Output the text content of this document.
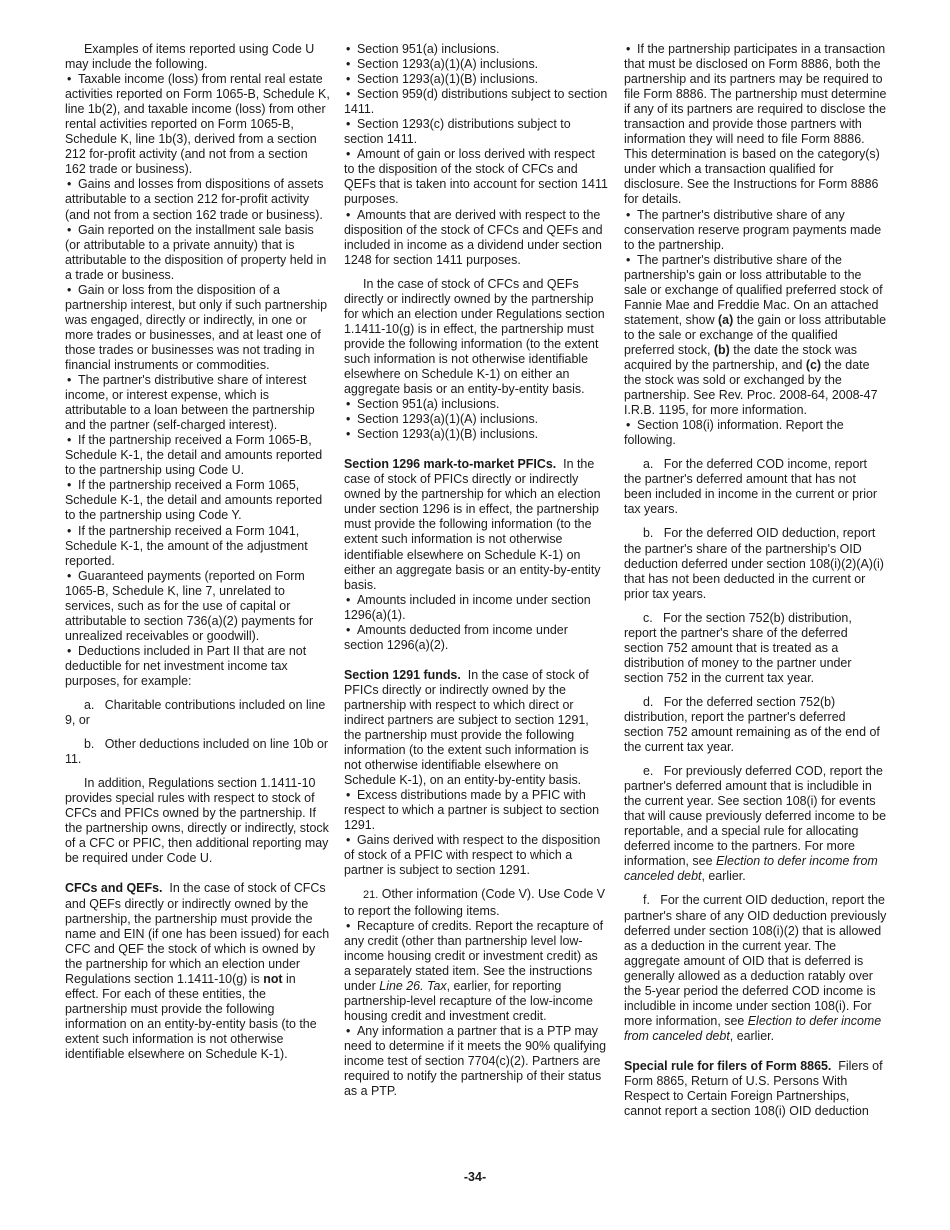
Examples of items reported using Code U may include the following.

• Taxable income (loss) from rental real estate activities reported on Form 1065-B, Schedule K, line 1b(2), and taxable income (loss) from other rental activities reported on Form 1065-B, Schedule K, line 1b(3), derived from a section 212 for-profit activity (and not from a section 162 trade or business).

• Gains and losses from dispositions of assets attributable to a section 212 for-profit activity (and not from a section 162 trade or business).

• Gain reported on the installment sale basis (or attributable to a private annuity) that is attributable to the disposition of property held in a trade or business.

• Gain or loss from the disposition of a partnership interest, but only if such partnership was engaged, directly or indirectly, in one or more trades or businesses, and at least one of those trades or businesses was not trading in financial instruments or commodities.

• The partner's distributive share of interest income, or interest expense, which is attributable to a loan between the partnership and the partner (self-charged interest).

• If the partnership received a Form 1065-B, Schedule K-1, the detail and amounts reported to the partnership using Code U.

• If the partnership received a Form 1065, Schedule K-1, the detail and amounts reported to the partnership using Code Y.

• If the partnership received a Form 1041, Schedule K-1, the amount of the adjustment reported.

• Guaranteed payments (reported on Form 1065-B, Schedule K, line 7, unrelated to services, such as for the use of capital or attributable to section 736(a)(2) payments for unrealized receivables or goodwill).

• Deductions included in Part II that are not deductible for net investment income tax purposes, for example:

a.   Charitable contributions included on line 9, or

b.   Other deductions included on line 10b or 11.

In addition, Regulations section 1.1411-10 provides special rules with respect to stock of CFCs and PFICs owned by the partnership. If the partnership owns, directly or indirectly, stock of a CFC or PFIC, then additional reporting may be required under Code U.

CFCs and QEFs. In the case of stock of CFCs and QEFs directly or indirectly owned by the partnership, the partnership must provide the name and EIN (if one has been issued) for each CFC and QEF the stock of which is owned by the partnership for which an election under Regulations section 1.1411-10(g) is not in effect. For each of these entities, the partnership must provide the following information on an entity-by-entity basis (to the extent such information is not otherwise identifiable elsewhere on Schedule K-1).

• Section 951(a) inclusions.

• Section 1293(a)(1)(A) inclusions.

• Section 1293(a)(1)(B) inclusions.

• Section 959(d) distributions subject to section 1411.

• Section 1293(c) distributions subject to section 1411.

• Amount of gain or loss derived with respect to the disposition of the stock of CFCs and QEFs that is taken into account for section 1411 purposes.

• Amounts that are derived with respect to the disposition of the stock of CFCs and QEFs and included in income as a dividend under section 1248 for section 1411 purposes.

In the case of stock of CFCs and QEFs directly or indirectly owned by the partnership for which an election under Regulations section 1.1411-10(g) is in effect, the partnership must provide the following information (to the extent such information is not otherwise identifiable elsewhere on Schedule K-1) on either an aggregate basis or an entity-by-entity basis.

• Section 951(a) inclusions.

• Section 1293(a)(1)(A) inclusions.

• Section 1293(a)(1)(B) inclusions.

Section 1296 mark-to-market PFICs. In the case of stock of PFICs directly or indirectly owned by the partnership for which an election under section 1296 is in effect, the partnership must provide the following information (to the extent such information is not otherwise identifiable elsewhere on Schedule K-1) on either an aggregate basis or an entity-by-entity basis.

• Amounts included in income under section 1296(a)(1).

• Amounts deducted from income under section 1296(a)(2).

Section 1291 funds. In the case of stock of PFICs directly or indirectly owned by the partnership with respect to which direct or indirect partners are subject to section 1291, the partnership must provide the following information (to the extent such information is not otherwise identifiable elsewhere on Schedule K-1), on an entity-by-entity basis.

• Excess distributions made by a PFIC with respect to which a partner is subject to section 1291.

• Gains derived with respect to the disposition of stock of a PFIC with respect to which a partner is subject to section 1291.

21. Other information (Code V). Use Code V to report the following items.

• Recapture of credits. Report the recapture of any credit (other than partnership level low-income housing credit or investment credit) as a separately stated item. See the instructions under Line 26. Tax, earlier, for reporting partnership-level recapture of the low-income housing credit and investment credit.

• Any information a partner that is a PTP may need to determine if it meets the 90% qualifying income test of section 7704(c)(2). Partners are required to notify the partnership of their status as a PTP.

• If the partnership participates in a transaction that must be disclosed on Form 8886, both the partnership and its partners may be required to file Form 8886. The partnership must determine if any of its partners are required to disclose the transaction and provide those partners with information they will need to file Form 8886. This determination is based on the category(s) under which a transaction qualified for disclosure. See the Instructions for Form 8886 for details.

• The partner's distributive share of any conservation reserve program payments made to the partnership.

• The partner's distributive share of the partnership's gain or loss attributable to the sale or exchange of qualified preferred stock of Fannie Mae and Freddie Mac. On an attached statement, show (a) the gain or loss attributable to the sale or exchange of the qualified preferred stock, (b) the date the stock was acquired by the partnership, and (c) the date the stock was sold or exchanged by the partnership. See Rev. Proc. 2008-64, 2008-47 I.R.B. 1195, for more information.

• Section 108(i) information. Report the following.

a.   For the deferred COD income, report the partner's deferred amount that has not been included in income in the current or prior tax years.

b.   For the deferred OID deduction, report the partner's share of the partnership's OID deduction deferred under section 108(i)(2)(A)(i) that has not been deducted in the current or prior tax years.

c.   For the section 752(b) distribution, report the partner's share of the deferred section 752 amount that is treated as a distribution of money to the partner under section 752 in the current tax year.

d.   For the deferred section 752(b) distribution, report the partner's deferred section 752 amount remaining as of the end of the current tax year.

e.   For previously deferred COD, report the partner's deferred amount that is includible in the current year. See section 108(i) for events that will cause previously deferred income to be reportable, and a special rule for allocating deferred income to the partners. For more information, see Election to defer income from canceled debt, earlier.

f.   For the current OID deduction, report the partner's share of any OID deduction previously deferred under section 108(i)(2) that is allowed as a deduction in the current year. The aggregate amount of OID that is deferred is generally allowed as a deduction ratably over the 5-year period the deferred COD income is includible in income under section 108(i). For more information, see Election to defer income from canceled debt, earlier.

Special rule for filers of Form 8865. Filers of Form 8865, Return of U.S. Persons With Respect to Certain Foreign Partnerships, cannot report a section 108(i) OID deduction

-34-
